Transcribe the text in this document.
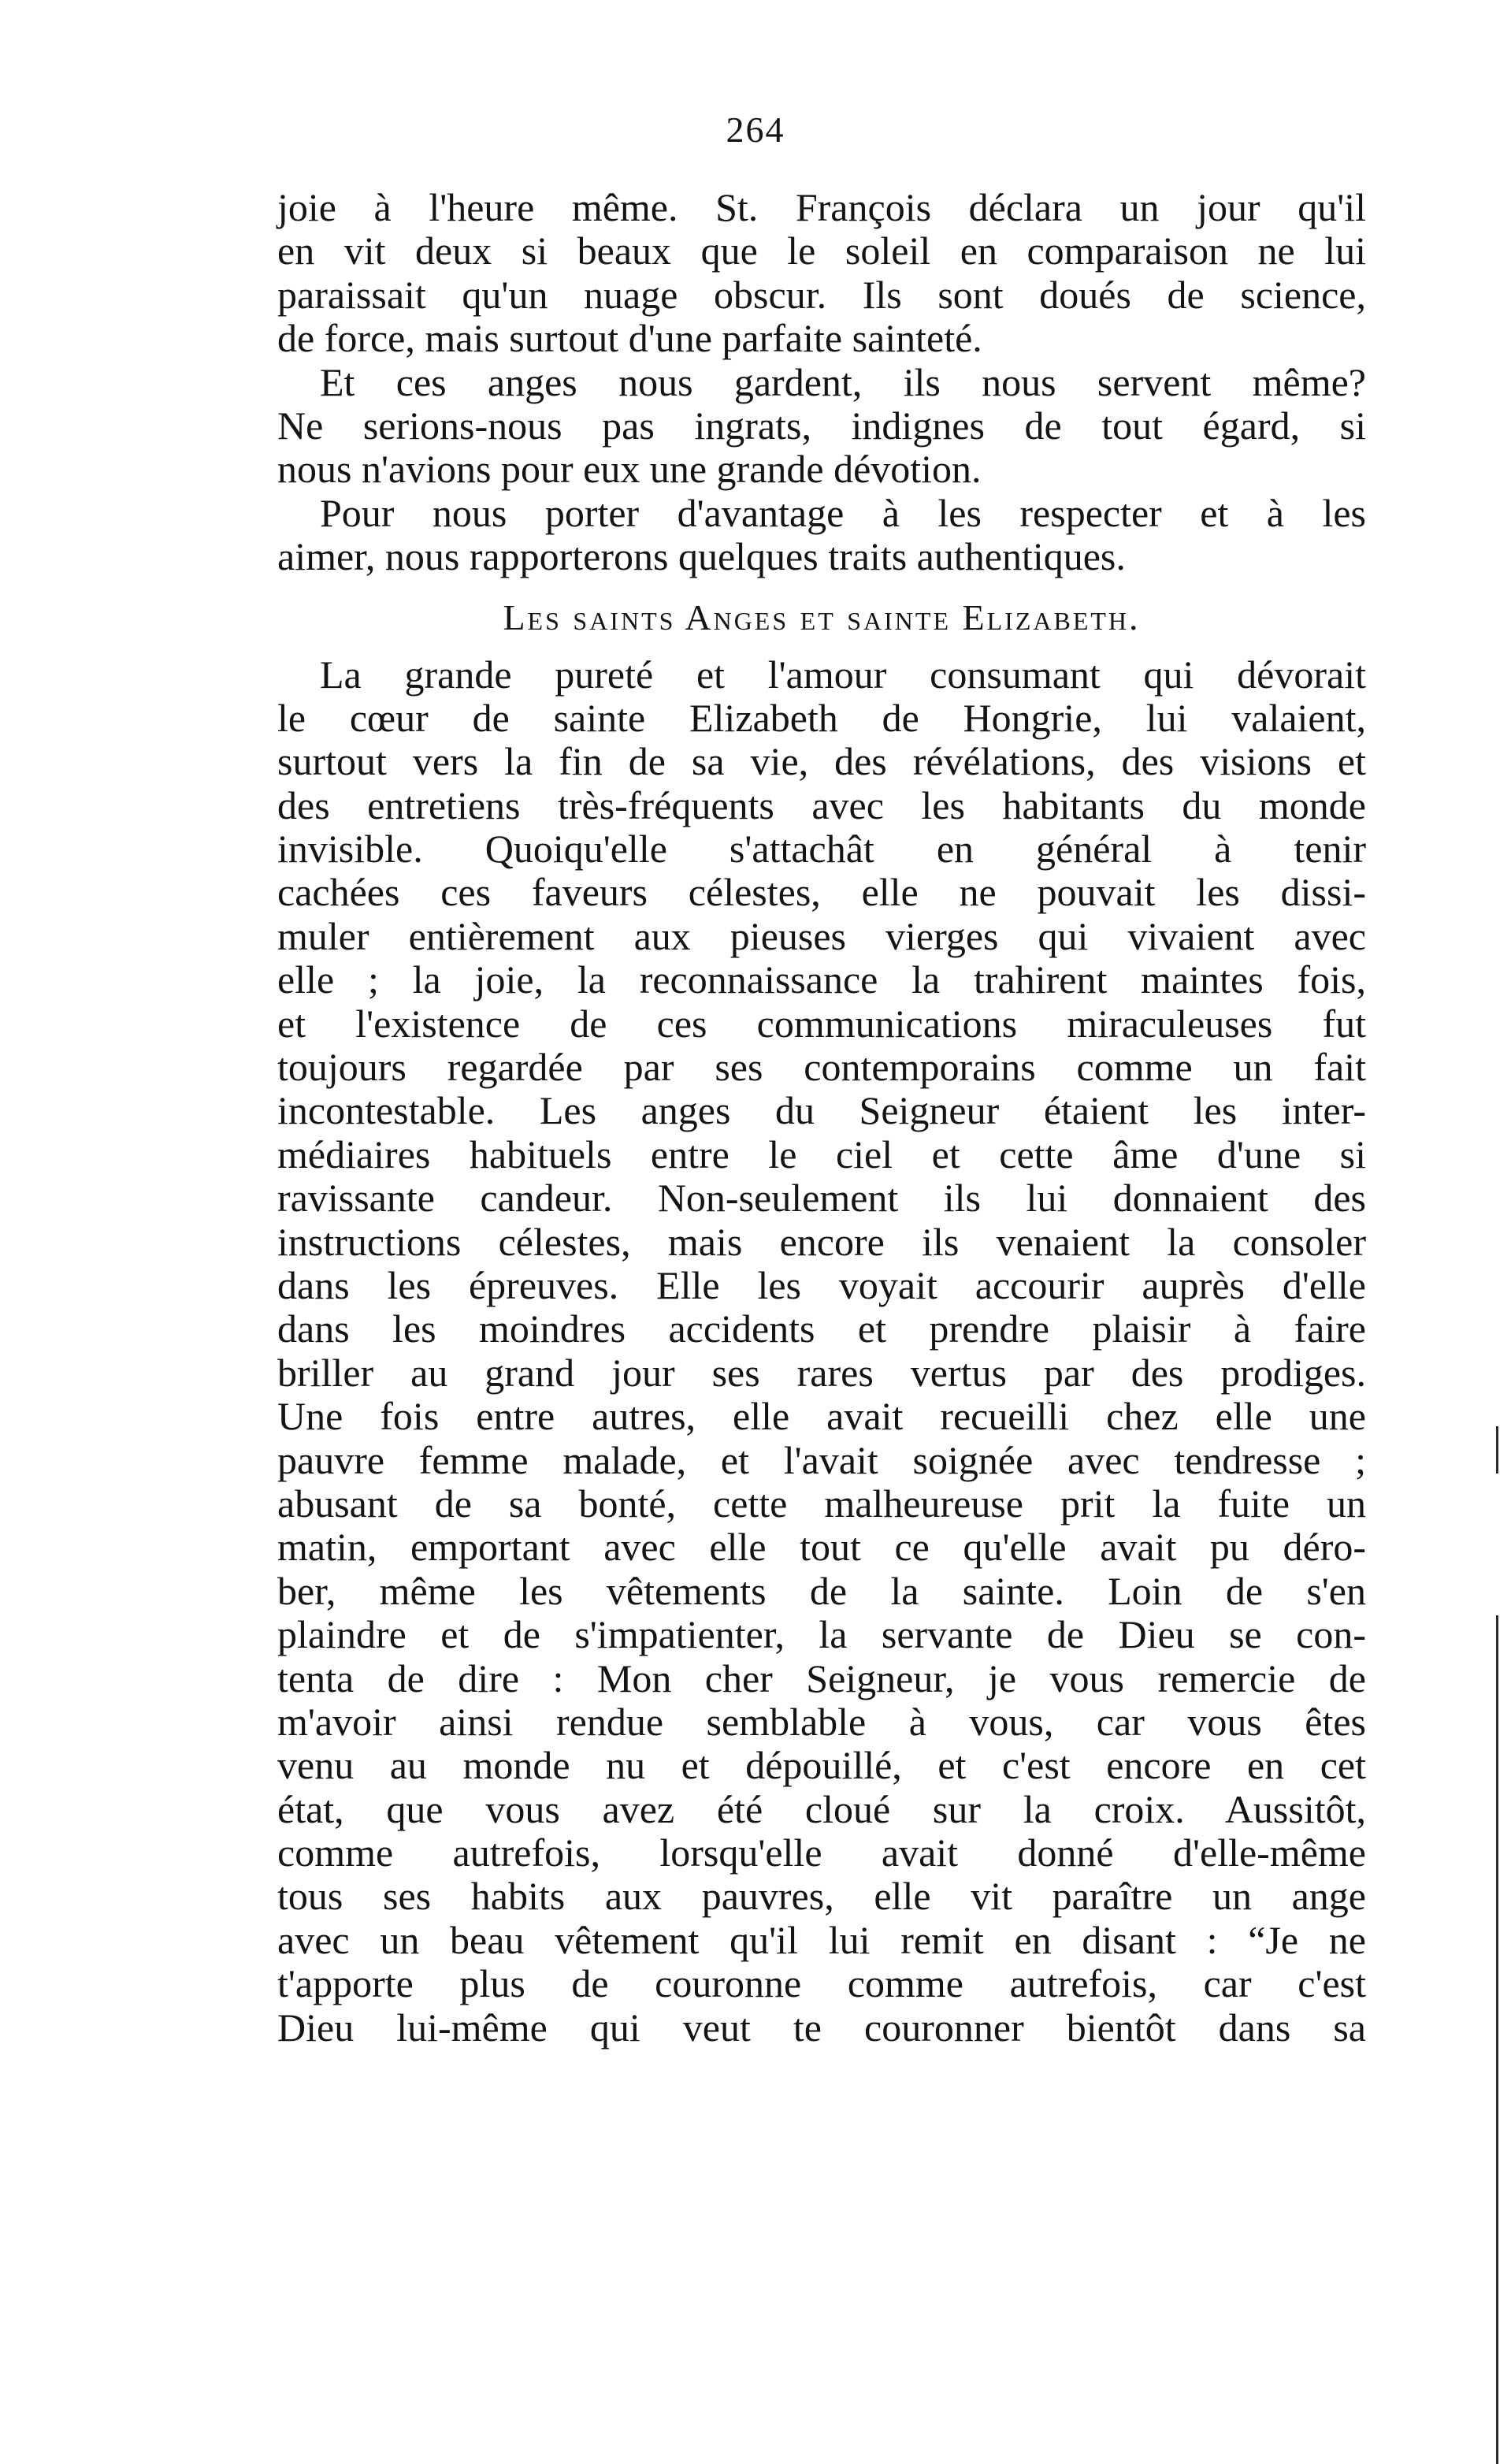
264
joie à l'heure même. St. François déclara un jour qu'il
en vit deux si beaux que le soleil en comparaison ne lui
paraissait qu'un nuage obscur. Ils sont doués de science,
de force, mais surtout d'une parfaite sainteté.
Et ces anges nous gardent, ils nous servent même?
Ne serions-nous pas ingrats, indignes de tout égard, si
nous n'avions pour eux une grande dévotion.
Pour nous porter d'avantage à les respecter et à les
aimer, nous rapporterons quelques traits authentiques.
Les saints Anges et sainte Elizabeth.
La grande pureté et l'amour consumant qui dévorait
le cœur de sainte Elizabeth de Hongrie, lui valaient,
surtout vers la fin de sa vie, des révélations, des visions et
des entretiens très-fréquents avec les habitants du monde
invisible. Quoiqu'elle s'attachât en général à tenir
cachées ces faveurs célestes, elle ne pouvait les dissi-
muler entièrement aux pieuses vierges qui vivaient avec
elle ; la joie, la reconnaissance la trahirent maintes fois,
et l'existence de ces communications miraculeuses fut
toujours regardée par ses contemporains comme un fait
incontestable. Les anges du Seigneur étaient les inter-
médiaires habituels entre le ciel et cette âme d'une si
ravissante candeur. Non-seulement ils lui donnaient des
instructions célestes, mais encore ils venaient la consoler
dans les épreuves. Elle les voyait accourir auprès d'elle
dans les moindres accidents et prendre plaisir à faire
briller au grand jour ses rares vertus par des prodiges.
Une fois entre autres, elle avait recueilli chez elle une
pauvre femme malade, et l'avait soignée avec tendresse ;
abusant de sa bonté, cette malheureuse prit la fuite un
matin, emportant avec elle tout ce qu'elle avait pu déro-
ber, même les vêtements de la sainte. Loin de s'en
plaindre et de s'impatienter, la servante de Dieu se con-
tenta de dire : Mon cher Seigneur, je vous remercie de
m'avoir ainsi rendue semblable à vous, car vous êtes
venu au monde nu et dépouillé, et c'est encore en cet
état, que vous avez été cloué sur la croix. Aussitôt,
comme autrefois, lorsqu'elle avait donné d'elle-même
tous ses habits aux pauvres, elle vit paraître un ange
avec un beau vêtement qu'il lui remit en disant : “Je ne
t'apporte plus de couronne comme autrefois, car c'est
Dieu lui-même qui veut te couronner bientôt dans sa
